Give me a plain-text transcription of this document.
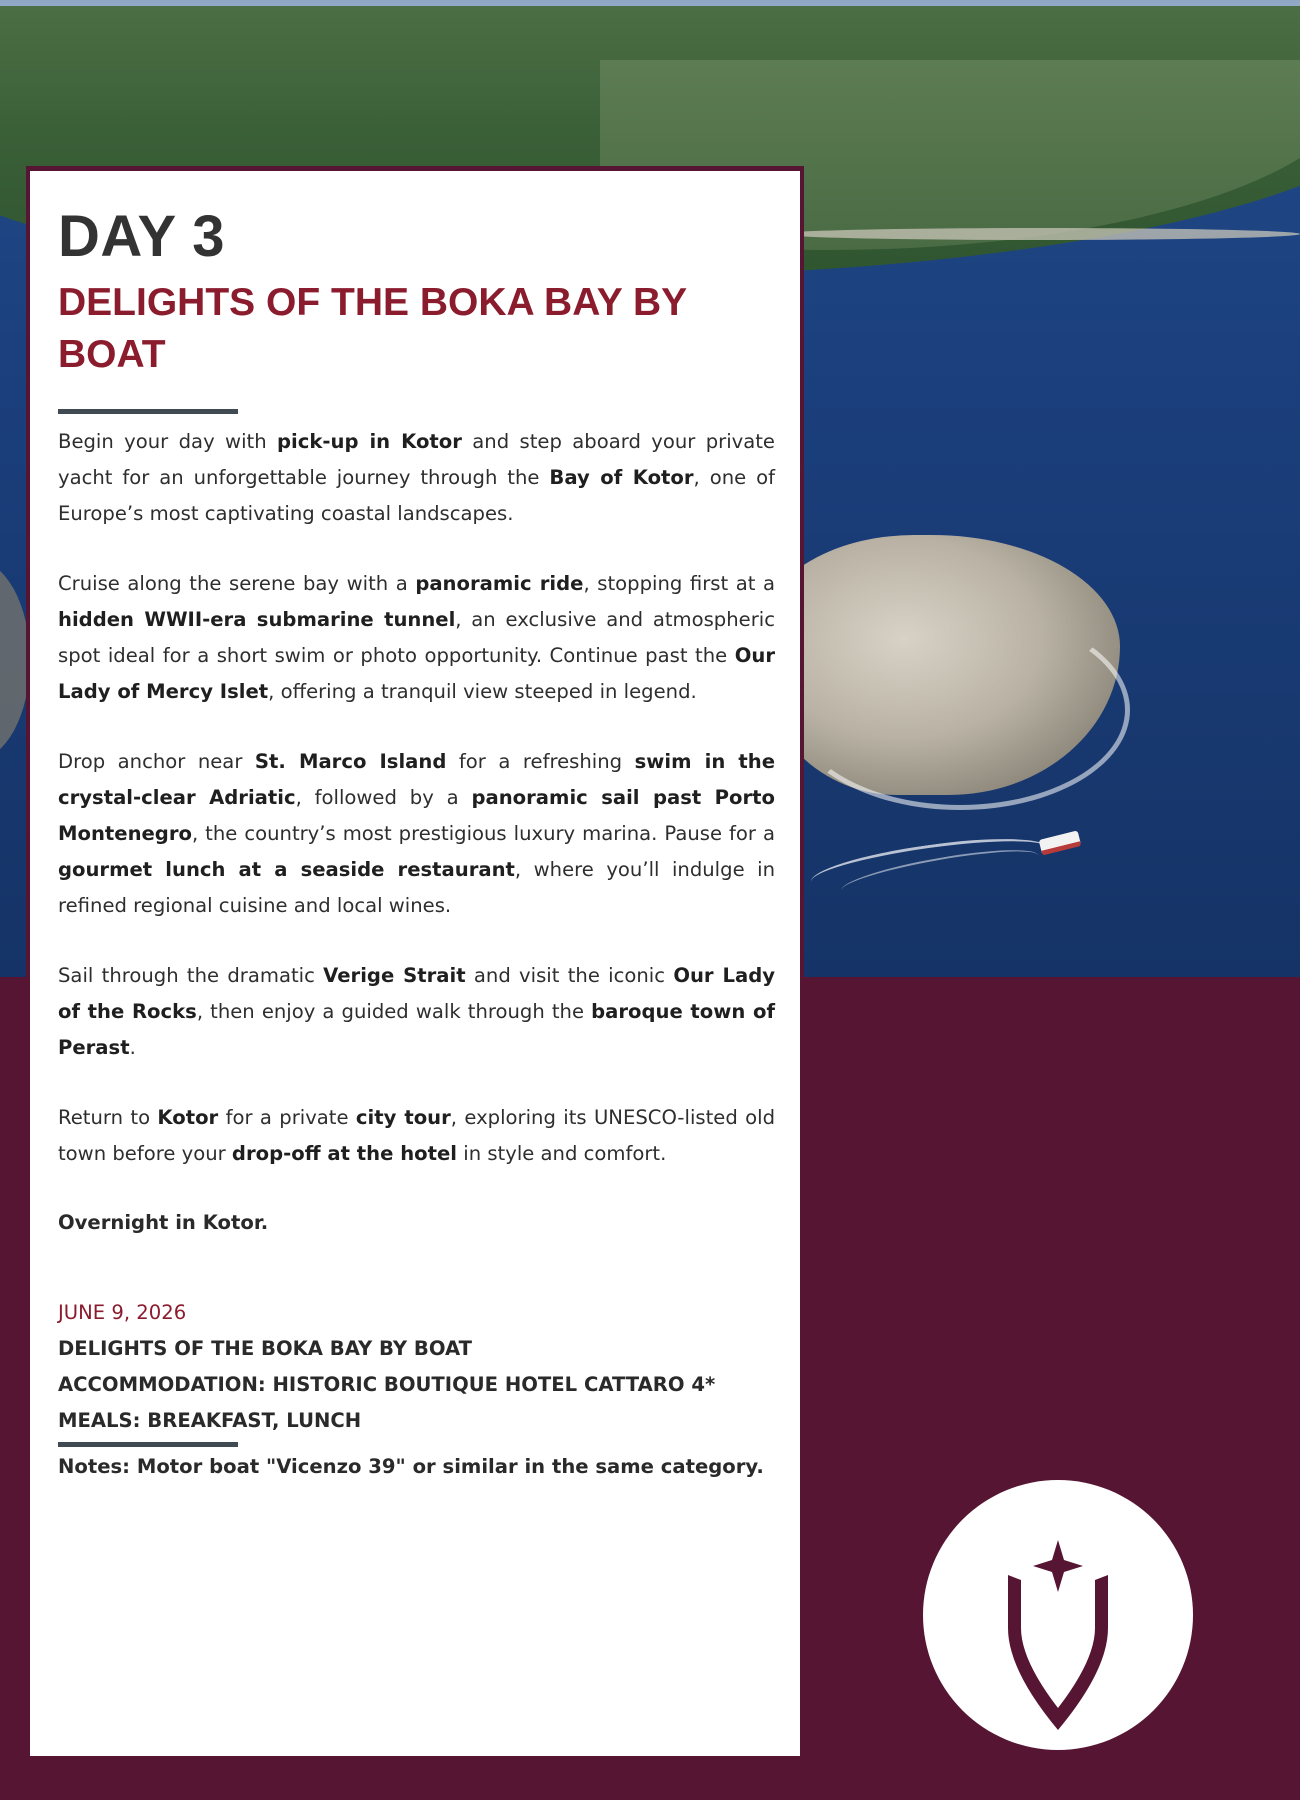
DAY 3
DELIGHTS OF THE BOKA BAY BY BOAT

Begin your day with pick-up in Kotor and step aboard your private yacht for an unforgettable journey through the Bay of Kotor, one of Europe’s most captivating coastal landscapes.

Cruise along the serene bay with a panoramic ride, stopping first at a hidden WWII-era submarine tunnel, an exclusive and atmospheric spot ideal for a short swim or photo opportunity. Continue past the Our Lady of Mercy Islet, offering a tranquil view steeped in legend.

Drop anchor near St. Marco Island for a refreshing swim in the crystal-clear Adriatic, followed by a panoramic sail past Porto Montenegro, the country’s most prestigious luxury marina. Pause for a gourmet lunch at a seaside restaurant, where you’ll indulge in refined regional cuisine and local wines.

Sail through the dramatic Verige Strait and visit the iconic Our Lady of the Rocks, then enjoy a guided walk through the baroque town of Perast.

Return to Kotor for a private city tour, exploring its UNESCO-listed old town before your drop-off at the hotel in style and comfort.

Overnight in Kotor.

JUNE 9, 2026

DELIGHTS OF THE BOKA BAY BY BOAT

ACCOMMODATION: HISTORIC BOUTIQUE HOTEL CATTARO 4*

MEALS: BREAKFAST, LUNCH

Notes: Motor boat "Vicenzo 39" or similar in the same category.
